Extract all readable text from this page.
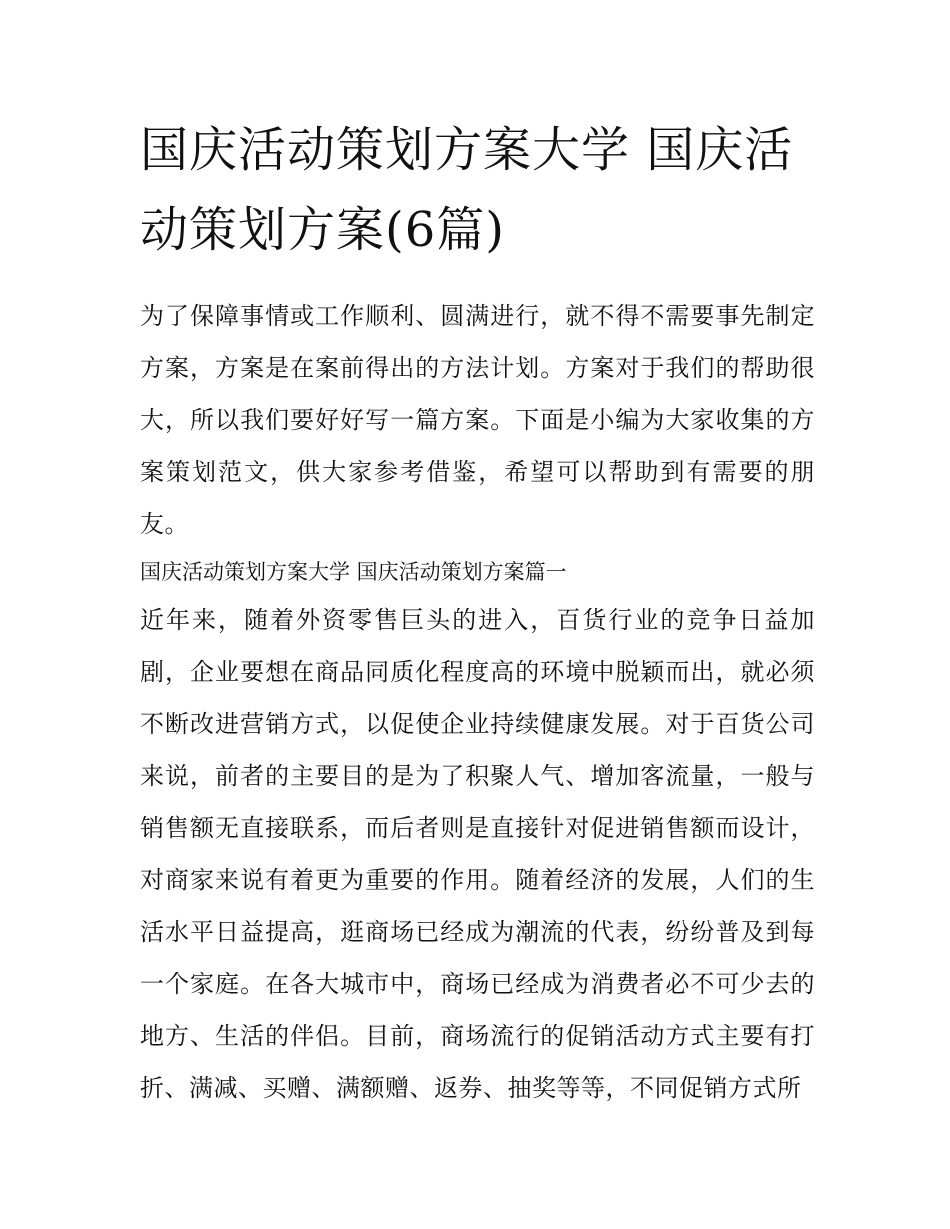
国庆活动策划方案大学 国庆活动策划方案(6篇)

为了保障事情或工作顺利、圆满进行，就不得不需要事先制定方案，方案是在案前得出的方法计划。方案对于我们的帮助很大，所以我们要好好写一篇方案。下面是小编为大家收集的方案策划范文，供大家参考借鉴，希望可以帮助到有需要的朋友。

国庆活动策划方案大学 国庆活动策划方案篇一

近年来，随着外资零售巨头的进入，百货行业的竞争日益加剧，企业要想在商品同质化程度高的环境中脱颖而出，就必须不断改进营销方式，以促使企业持续健康发展。对于百货公司来说，前者的主要目的是为了积聚人气、增加客流量，一般与销售额无直接联系，而后者则是直接针对促进销售额而设计，对商家来说有着更为重要的作用。随着经济的发展，人们的生活水平日益提高，逛商场已经成为潮流的代表，纷纷普及到每一个家庭。在各大城市中，商场已经成为消费者必不可少去的地方、生活的伴侣。目前，商场流行的促销活动方式主要有打折、满减、买赠、满额赠、返券、抽奖等等，不同促销方式所
